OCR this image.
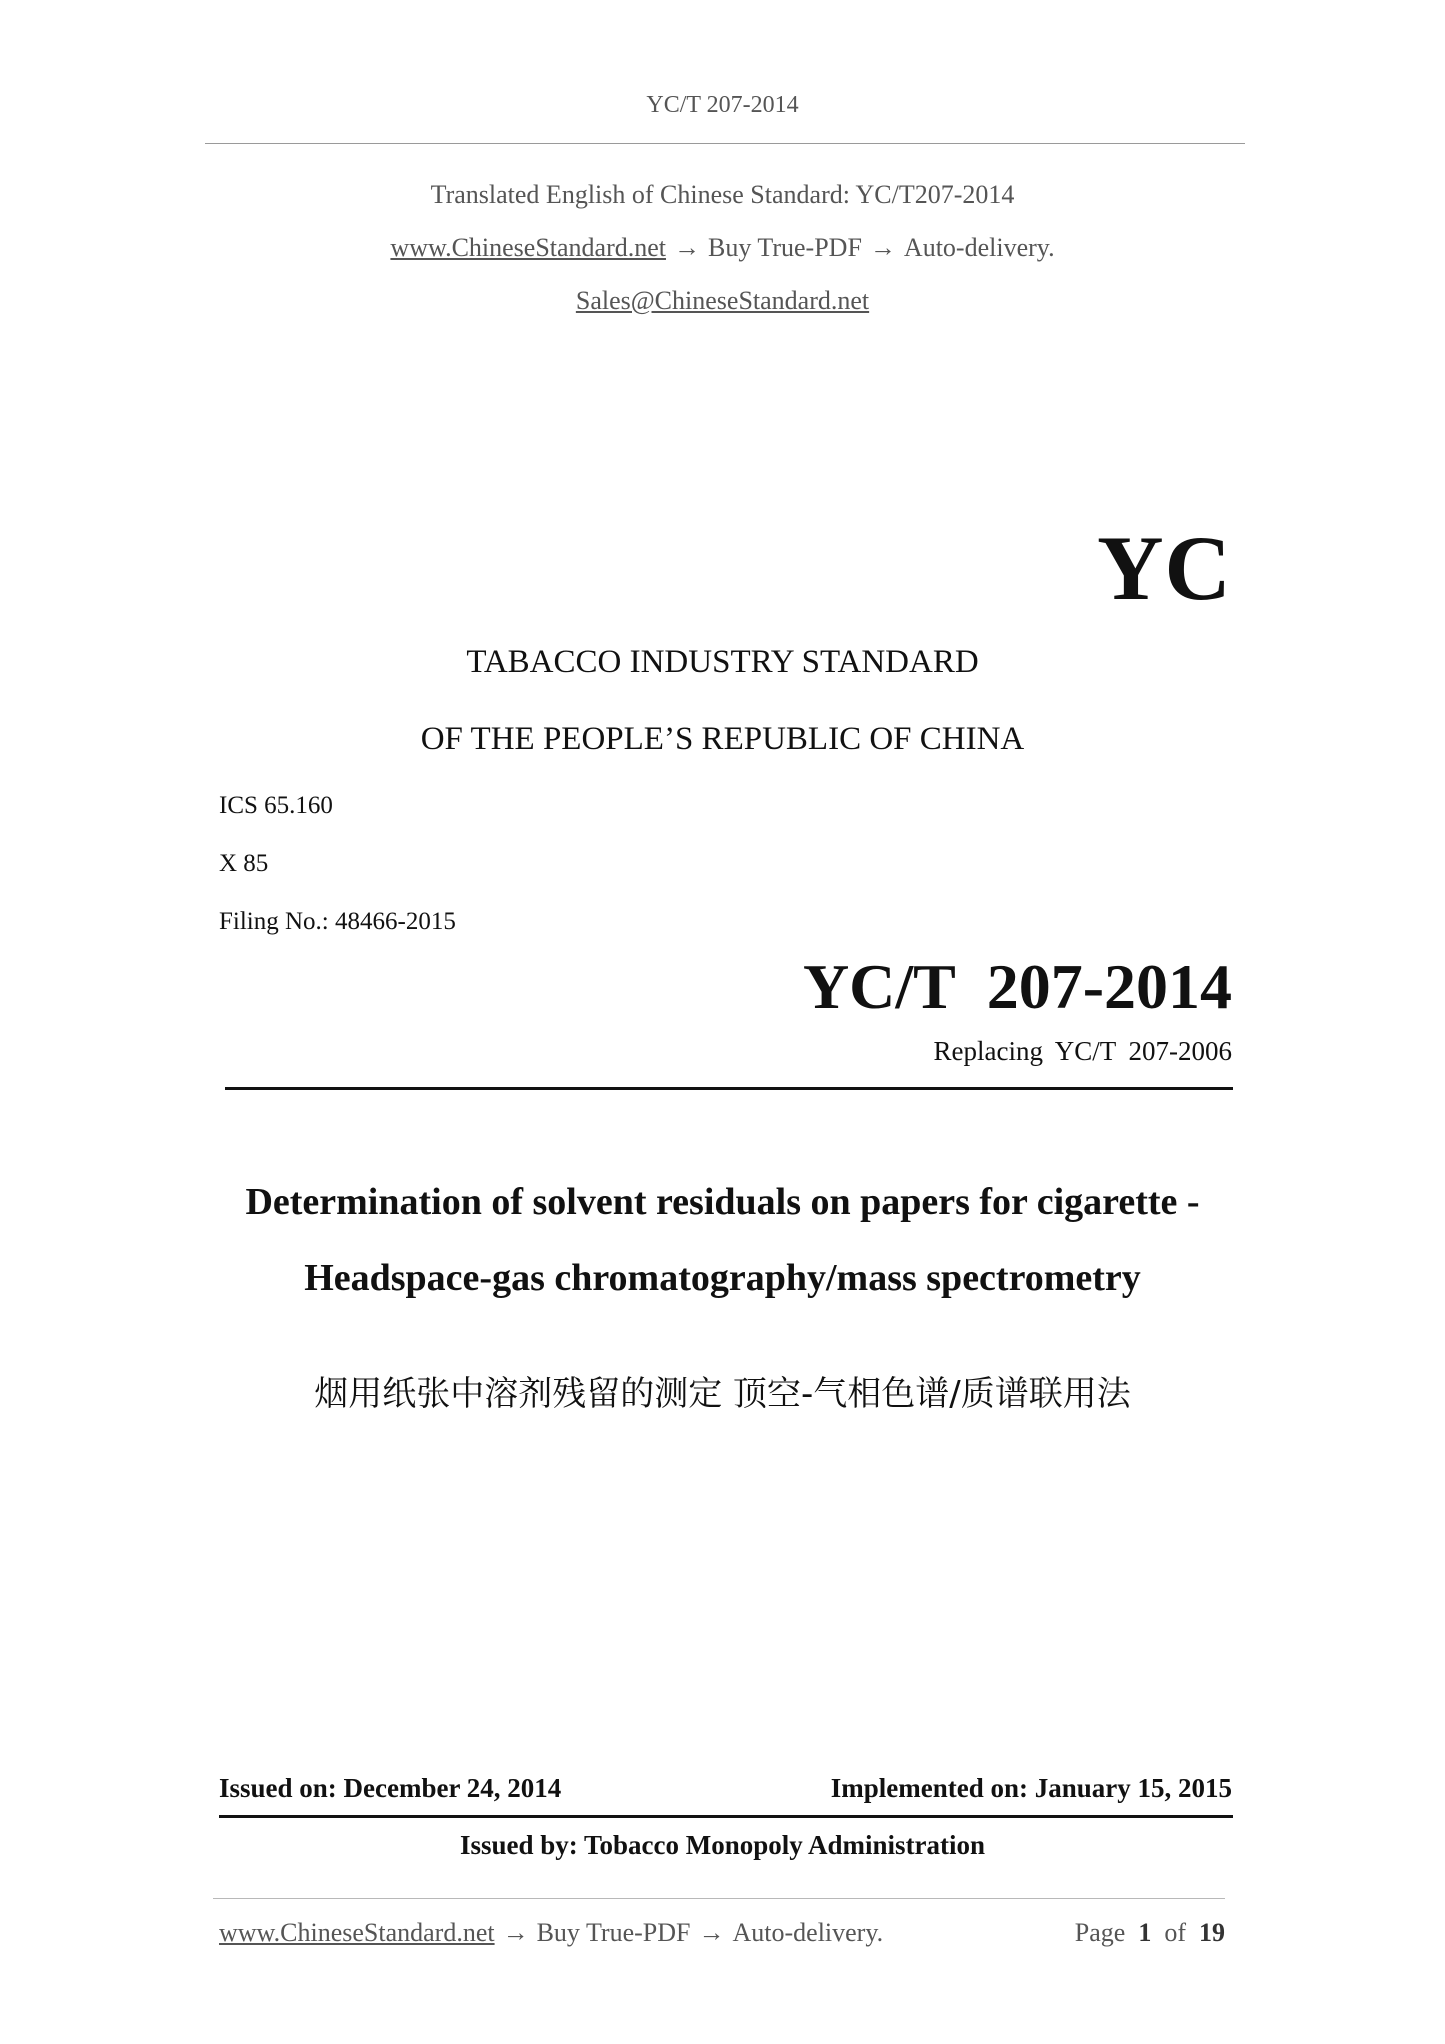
YC/T 207-2014
Translated English of Chinese Standard: YC/T207-2014
www.ChineseStandard.net → Buy True-PDF → Auto-delivery.
Sales@ChineseStandard.net
YC
TABACCO INDUSTRY STANDARD
OF THE PEOPLE’S REPUBLIC OF CHINA
ICS 65.160
X 85
Filing No.: 48466-2015
YC/T 207-2014
Replacing YC/T 207-2006
Determination of solvent residuals on papers for cigarette -
Headspace-gas chromatography/mass spectrometry
烟用纸张中溶剂残留的测定 顶空-气相色谱/质谱联用法
Issued on: December 24, 2014	Implemented on: January 15, 2015
Issued by: Tobacco Monopoly Administration
www.ChineseStandard.net → Buy True-PDF → Auto-delivery.	Page 1 of 19
